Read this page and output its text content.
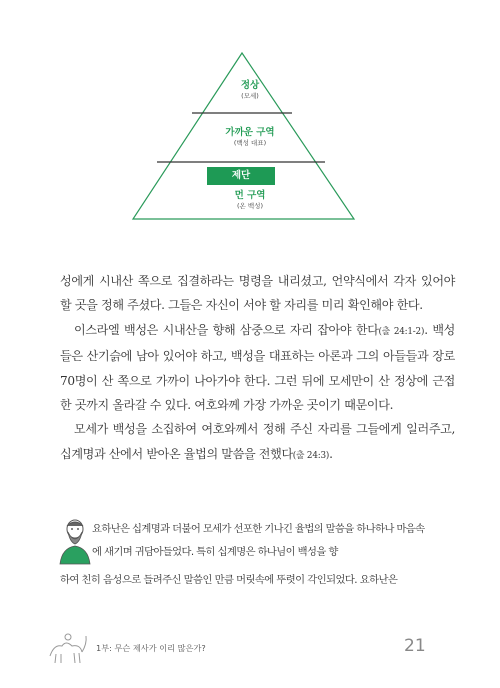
정상
(모세)
가까운 구역
(백성 대표)
제단
먼 구역
(온 백성)

성에게 시내산 쪽으로 집결하라는 명령을 내리셨고, 언약식에서 각자 있어야 할 곳을 정해 주셨다. 그들은 자신이 서야 할 자리를 미리 확인해야 한다.

이스라엘 백성은 시내산을 향해 삼중으로 자리 잡아야 한다(출 24:1-2). 백성들은 산기슭에 남아 있어야 하고, 백성을 대표하는 아론과 그의 아들들과 장로 70명이 산 쪽으로 가까이 나아가야 한다. 그런 뒤에 모세만이 산 정상에 근접한 곳까지 올라갈 수 있다. 여호와께 가장 가까운 곳이기 때문이다.

모세가 백성을 소집하여 여호와께서 정해 주신 자리를 그들에게 일러주고, 십계명과 산에서 받아온 율법의 말씀을 전했다(출 24:3).

요하난은 십계명과 더불어 모세가 선포한 기나긴 율법의 말씀을 하나하나 마음속에 새기며 귀담아들었다. 특히 십계명은 하나님이 백성을 향
하여 친히 음성으로 들려주신 말씀인 만큼 머릿속에 뚜렷이 각인되었다. 요하난은
1부: 무슨 제사가 이리 많은가?	21
